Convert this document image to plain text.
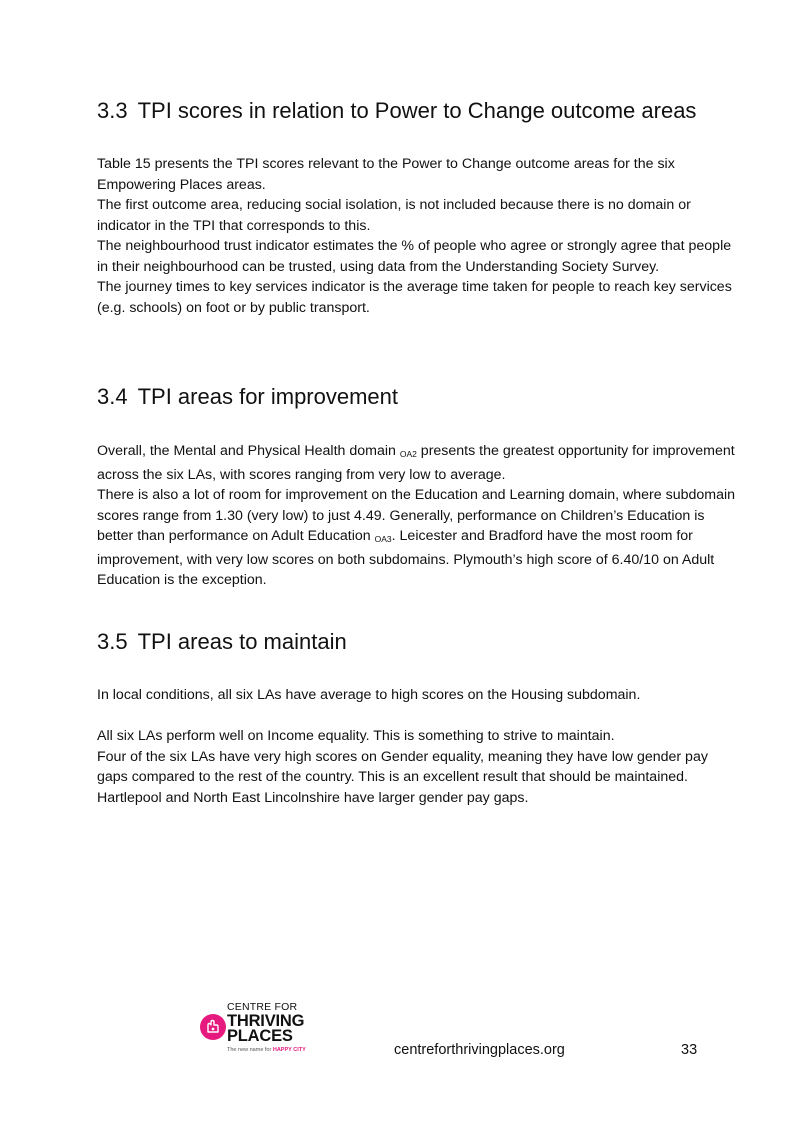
3.3 TPI scores in relation to Power to Change outcome areas

Table 15 presents the TPI scores relevant to the Power to Change outcome areas for the six Empowering Places areas.

The first outcome area, reducing social isolation, is not included because there is no domain or indicator in the TPI that corresponds to this.

The neighbourhood trust indicator estimates the % of people who agree or strongly agree that people in their neighbourhood can be trusted, using data from the Understanding Society Survey.

The journey times to key services indicator is the average time taken for people to reach key services (e.g. schools) on foot or by public transport.

3.4 TPI areas for improvement

Overall, the Mental and Physical Health domain $_{OA2}$ presents the greatest opportunity for improvement across the six LAs, with scores ranging from very low to average.

There is also a lot of room for improvement on the Education and Learning domain, where subdomain scores range from 1.30 (very low) to just 4.49. Generally, performance on Children’s Education is better than performance on Adult Education $_{OA3}$. Leicester and Bradford have the most room for improvement, with very low scores on both subdomains. Plymouth’s high score of 6.40/10 on Adult Education is the exception.

3.5 TPI areas to maintain

In local conditions, all six LAs have average to high scores on the Housing subdomain.

All six LAs perform well on Income equality. This is something to strive to maintain.

Four of the six LAs have very high scores on Gender equality, meaning they have low gender pay gaps compared to the rest of the country. This is an excellent result that should be maintained. Hartlepool and North East Lincolnshire have larger gender pay gaps.

CENTRE FOR
THRIVING
PLACES
The new name for HAPPY CITY	centreforthrivingplaces.org	33
